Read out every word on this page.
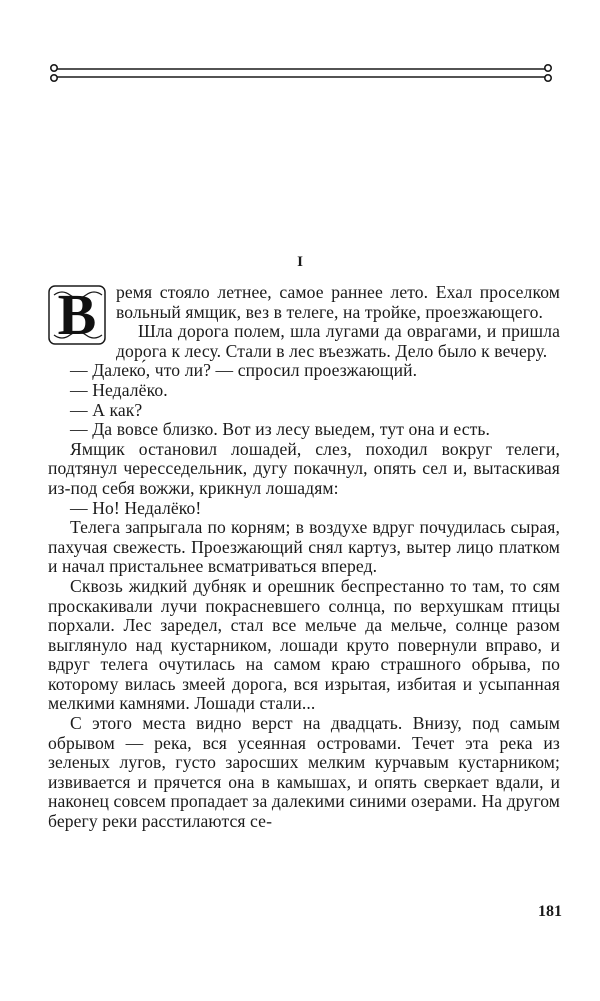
I

В ремя стояло летнее, самое раннее лето. Ехал проселком вольный ямщик, вез в телеге, на тройке, проезжающего.

Шла дорога полем, шла лугами да оврагами, и пришла дорога к лесу. Стали в лес въезжать. Дело было к вечеру.

— Далеко́, что ли? — спросил проезжающий.

— Недалёко.

— А как?

— Да вовсе близко. Вот из лесу выедем, тут она и есть.

Ямщик остановил лошадей, слез, походил вокруг телеги, подтянул чересседельник, дугу покачнул, опять сел и, вытаскивая из-под себя вожжи, крикнул лошадям:

— Но! Недалёко!

Телега запрыгала по корням; в воздухе вдруг почудилась сырая, пахучая свежесть. Проезжающий снял картуз, вытер лицо платком и начал пристальнее всматриваться вперед.

Сквозь жидкий дубняк и орешник беспрестанно то там, то сям проскакивали лучи покрасневшего солнца, по верхушкам птицы порхали. Лес заредел, стал все мельче да мельче, солнце разом выглянуло над кустарником, лошади круто повернули вправо, и вдруг телега очутилась на самом краю страшного обрыва, по которому вилась змеей дорога, вся изрытая, избитая и усыпанная мелкими камнями. Лошади стали...

С этого места видно верст на двадцать. Внизу, под самым обрывом — река, вся усеянная островами. Течет эта река из зеленых лугов, густо заросших мелким курчавым кустарником; извивается и прячется она в камышах, и опять сверкает вдали, и наконец совсем пропадает за далекими синими озерами. На другом берегу реки расстилаются се-

181
